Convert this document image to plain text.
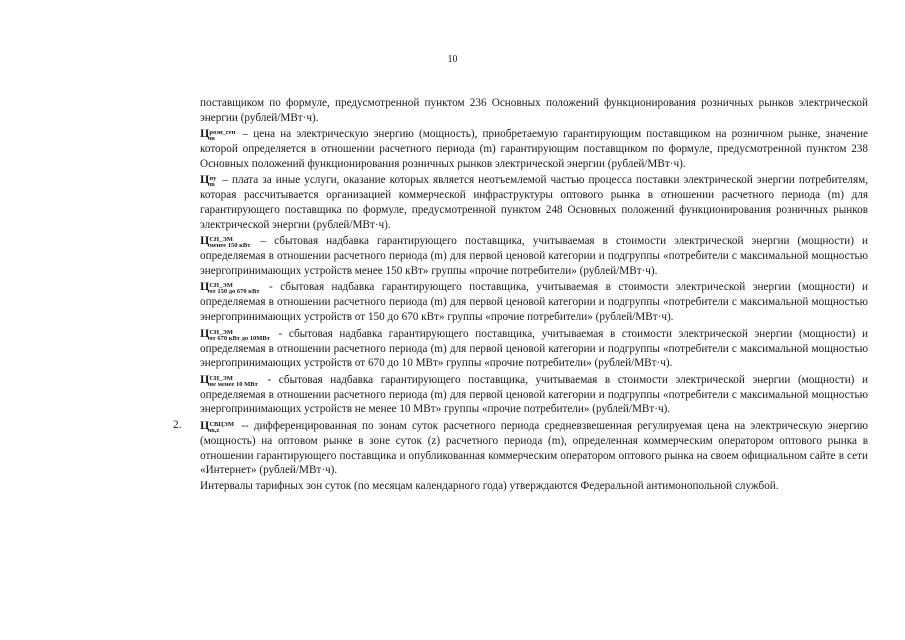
10

поставщиком по формуле, предусмотренной пунктом 236 Основных положений функционирования розничных рынков электрической энергии (рублей/МВт·ч).

Ц розн_ген
m	– цена на электрическую энергию (мощность), приобретаемую гарантирующим поставщиком на розничном рынке, значение которой определяется в отношении расчетного периода (m) гарантирующим поставщиком по формуле, предусмотренной пунктом 238 Основных положений функционирования розничных рынков электрической энергии (рублей/МВт·ч).

Ц пу
m – плата за иные услуги, оказание которых является неотъемлемой частью процесса поставки электрической энергии потребителям, которая рассчитывается организацией коммерческой инфраструктуры оптового рынка в отношении расчетного периода (m) для гарантирующего поставщика по формуле, предусмотренной пунктом 248 Основных положений функционирования розничных рынков электрической энергии (рублей/МВт·ч).

Ц СН_ЭМ
менее 150 кВт – сбытовая надбавка гарантирующего поставщика, учитываемая в стоимости электрической энергии (мощности) и определяемая в отношении расчетного периода (m) для первой ценовой категории и подгруппы «потребители с максимальной мощностью энергопринимающих устройств менее 150 кВт» группы «прочие потребители» (рублей/МВт·ч).

Ц СН_ЭМ
от 150 до 670 кВт - сбытовая надбавка гарантирующего поставщика, учитываемая в стоимости электрической энергии (мощности) и определяемая в отношении расчетного периода (m) для первой ценовой категории и подгруппы «потребители с максимальной мощностью энергопринимающих устройств от 150 до 670 кВт» группы «прочие потребители» (рублей/МВт·ч).

Ц СН_ЭМ
от 670 кВт до 10МВт - сбытовая надбавка гарантирующего поставщика, учитываемая в стоимости электрической энергии (мощности) и определяемая в отношении расчетного периода (m) для первой ценовой категории и подгруппы «потребители с максимальной мощностью энергопринимающих устройств от 670 до 10 МВт» группы «прочие потребители» (рублей/МВт·ч).

Ц СН_ЭМ
не менее 10 МВт - сбытовая надбавка гарантирующего поставщика, учитываемая в стоимости электрической энергии (мощности) и определяемая в отношении расчетного периода (m) для первой ценовой категории и подгруппы «потребители с максимальной мощностью энергопринимающих устройств не менее 10 МВт» группы «прочие потребители» (рублей/МВт·ч).

2. Ц СВЦЭМ
m,z	-- дифференцированная по зонам суток расчетного периода средневзвешенная регулируемая цена на электрическую энергию (мощность) на оптовом рынке в зоне суток (z) расчетного периода (m), определенная коммерческим оператором оптового рынка в отношении гарантирующего поставщика и опубликованная коммерческим оператором оптового рынка на своем официальном сайте в сети «Интернет» (рублей/МВт·ч).

Интервалы тарифных зон суток (по месяцам календарного года) утверждаются Федеральной антимонопольной службой.
